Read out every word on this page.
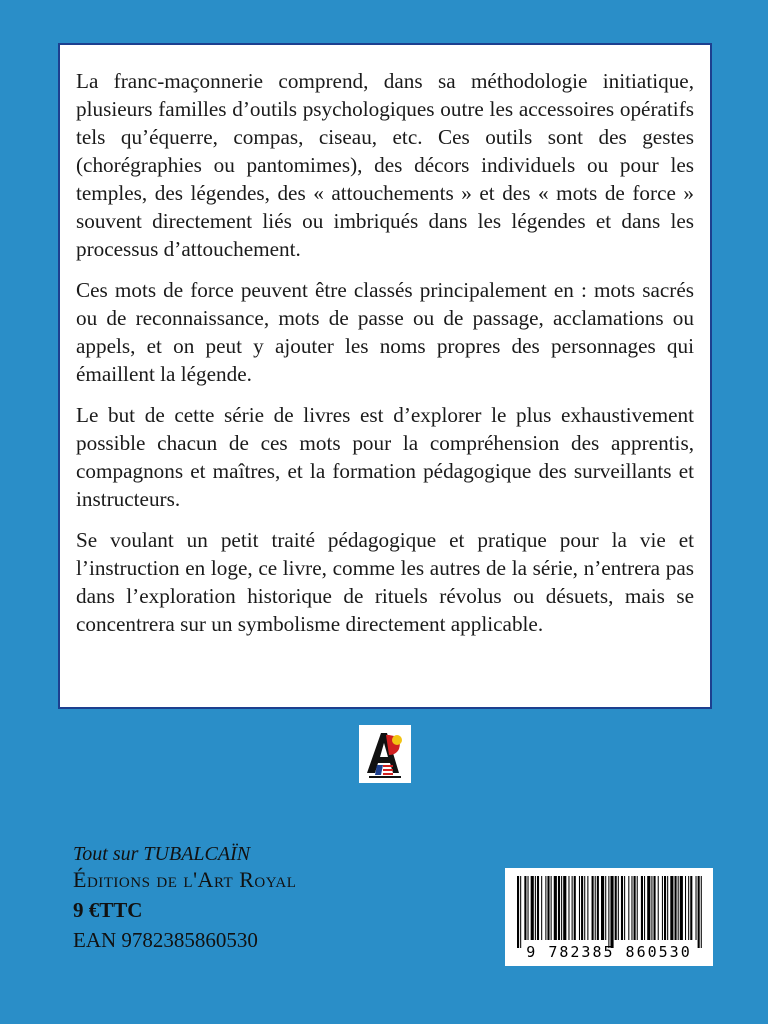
La franc-maçonnerie comprend, dans sa méthodologie initiatique, plusieurs familles d’outils psychologiques outre les accessoires opératifs tels qu’équerre, compas, ciseau, etc. Ces outils sont des gestes (chorégraphies ou pantomimes), des décors individuels ou pour les temples, des légendes, des « attouchements » et des « mots de force » souvent directement liés ou imbriqués dans les légendes et dans les processus d’attouchement.

Ces mots de force peuvent être classés principalement en : mots sacrés ou de reconnaissance, mots de passe ou de passage, acclamations ou appels, et on peut y ajouter les noms propres des personnages qui émaillent la légende.

Le but de cette série de livres est d’explorer le plus exhaustivement possible chacun de ces mots pour la compréhension des apprentis, compagnons et maîtres, et la formation pédagogique des surveillants et instructeurs.

Se voulant un petit traité pédagogique et pratique pour la vie et l’instruction en loge, ce livre, comme les autres de la série, n’entrera pas dans l’exploration historique de rituels révolus ou désuets, mais se concentrera sur un symbolisme directement applicable.

Tout sur TUBALCAÏN
Éditions de l'Art Royal
9 €TTC
EAN 9782385860530	9 782385 860530
